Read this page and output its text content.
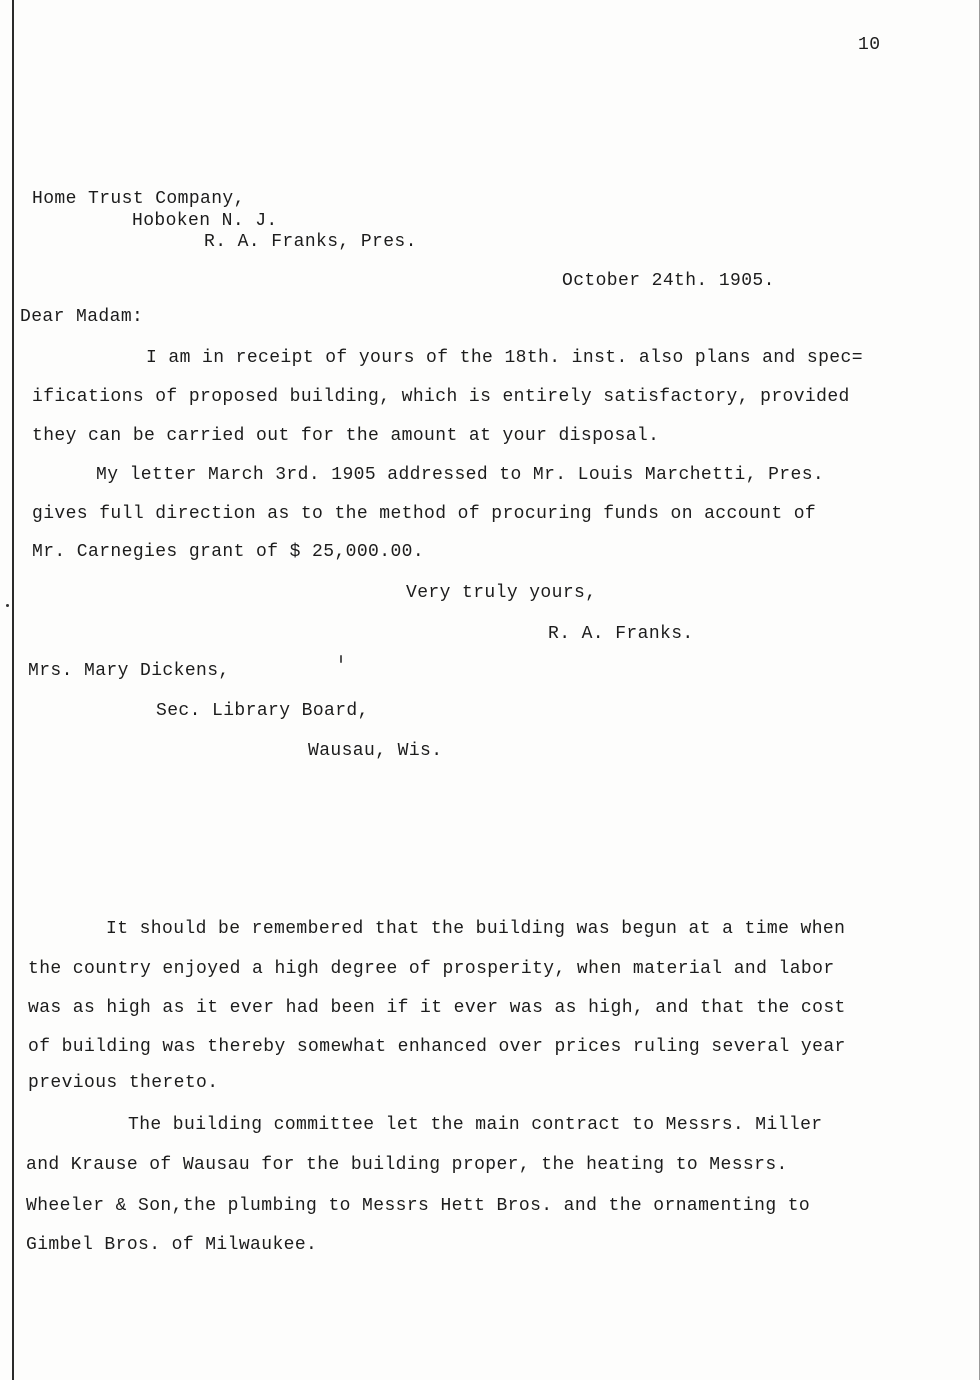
10
Home Trust Company,
Hoboken N. J.
R. A. Franks, Pres.
October 24th. 1905.
Dear Madam:
I am in receipt of yours of the 18th. inst. also plans and spec=
ifications of proposed building, which is entirely satisfactory, provided
they can be carried out for the amount at your disposal.
My letter March 3rd. 1905 addressed to Mr. Louis Marchetti, Pres.
gives full direction as to the method of procuring funds on account of
Mr. Carnegies grant of $ 25,000.00.
Very truly yours,
R. A. Franks.
Mrs. Mary Dickens,
Sec. Library Board,
Wausau, Wis.
It should be remembered that the building was begun at a time when
the country enjoyed a high degree of prosperity, when material and labor
was as high as it ever had been if it ever was as high, and that the cost
of building was thereby somewhat enhanced over prices ruling several year
previous thereto.
The building committee let the main contract to Messrs. Miller
and Krause of Wausau for the building proper, the heating to Messrs.
Wheeler & Son,the plumbing to Messrs Hett Bros. and the ornamenting to
Gimbel Bros. of Milwaukee.
